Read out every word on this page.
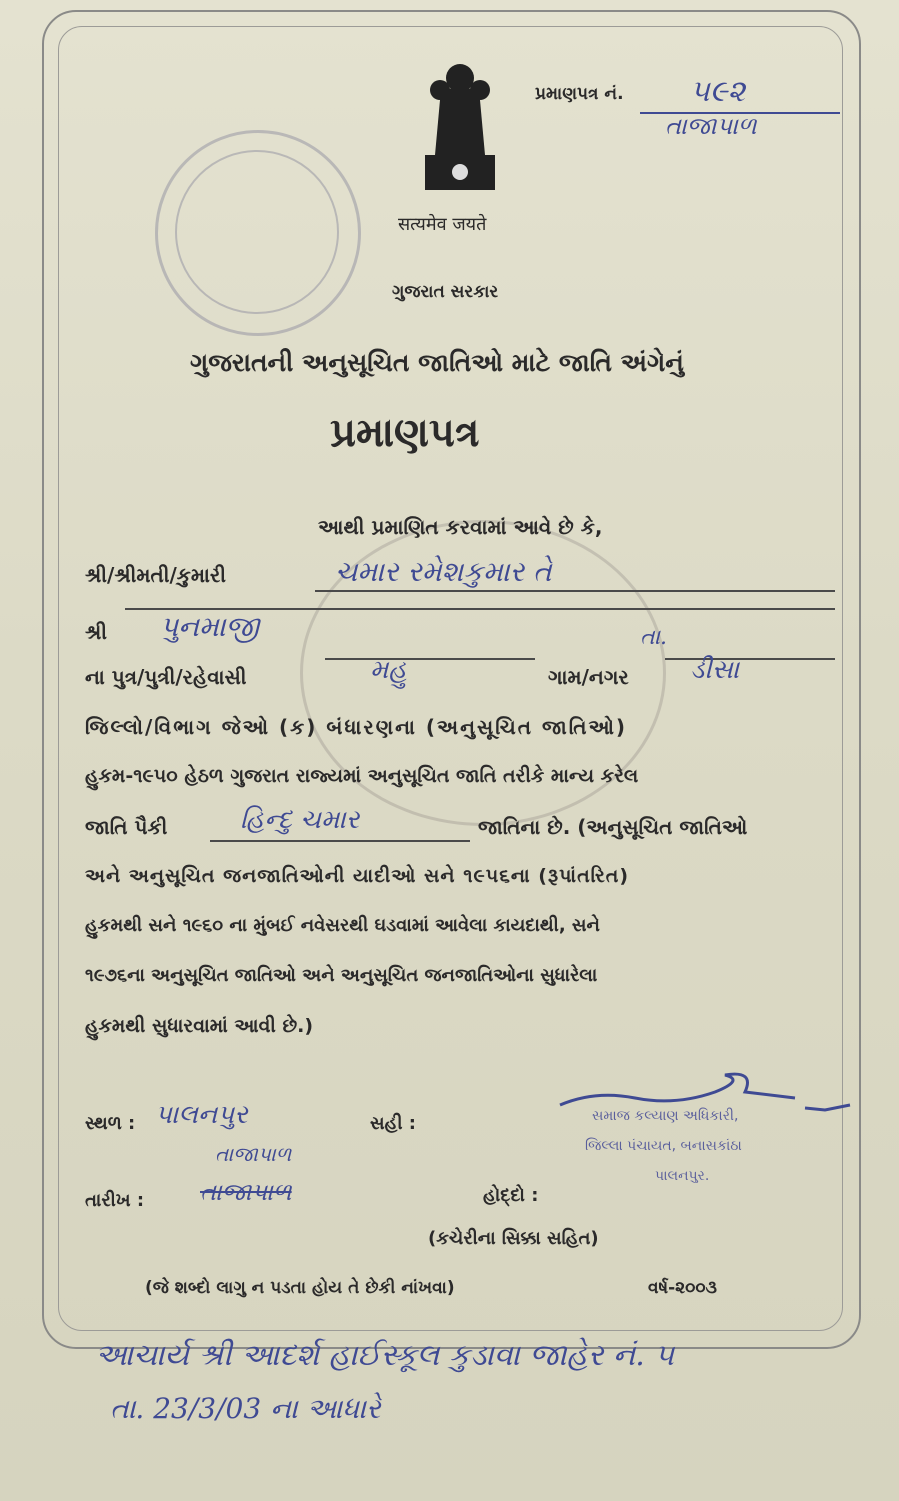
सत्यमेव जयते
પ્રમાણપત્ર નં. ૫૯૨
તાજાપાળ
ગુજરાત સરકાર
ગુજરાતની અનુસૂચિત જાતિઓ માટે જાતિ અંગેનું
પ્રમાણપત્ર
આથી પ્રમાણિત કરવામાં આવે છે કે,
શ્રી/શ્રીમતી/કુમારી	ચમાર રમેશકુમાર તે
શ્રી પુનમાજી
ના પુત્ર/પુત્રી/રહેવાસી	મહુ	ગામ/નગર
તા.
ડીસા
જિલ્લો/વિભાગ જેઓ (ક) બંધારણના (અનુસૂચિત જાતિઓ)
હુકમ-૧૯૫૦ હેઠળ ગુજરાત રાજ્યમાં અનુસૂચિત જાતિ તરીકે માન્ય કરેલ
જાતિ પૈકી	હિન્દુ ચમાર	જાતિના છે. (અનુસૂચિત જાતિઓ
અને અનુસૂચિત જનજાતિઓની યાદીઓ સને ૧૯૫૬ના (રૂપાંતરિત)
હુકમથી સને ૧૯૬૦ ના મુંબઈ નવેસરથી ઘડવામાં આવેલા કાયદાથી, સને
૧૯૭૬ના અનુસૂચિત જાતિઓ અને અનુસૂચિત જનજાતિઓના સુધારેલા
હુકમથી સુધારવામાં આવી છે.)
સ્થળ : પાલનપુર	સહી :	સમાજ કલ્યાણ અધિકારી,
જિલ્લા પંચાયત, બનાસકાંઠા
પાલનપુર.
તારીખ : તાજાપાળ
તાજાપાળ
હોદ્દો :
(કચેરીના સિક્કા સહિત)
(જે શબ્દો લાગુ ન પડતા હોય તે છેકી નાંખવા)	વર્ષ-૨૦૦૩
આચાર્ય શ્રી આદર્શ હાઈસ્કૂલ કુડાવા જાહેર નં. ૫
તા. 23/3/03 ના આધારે
